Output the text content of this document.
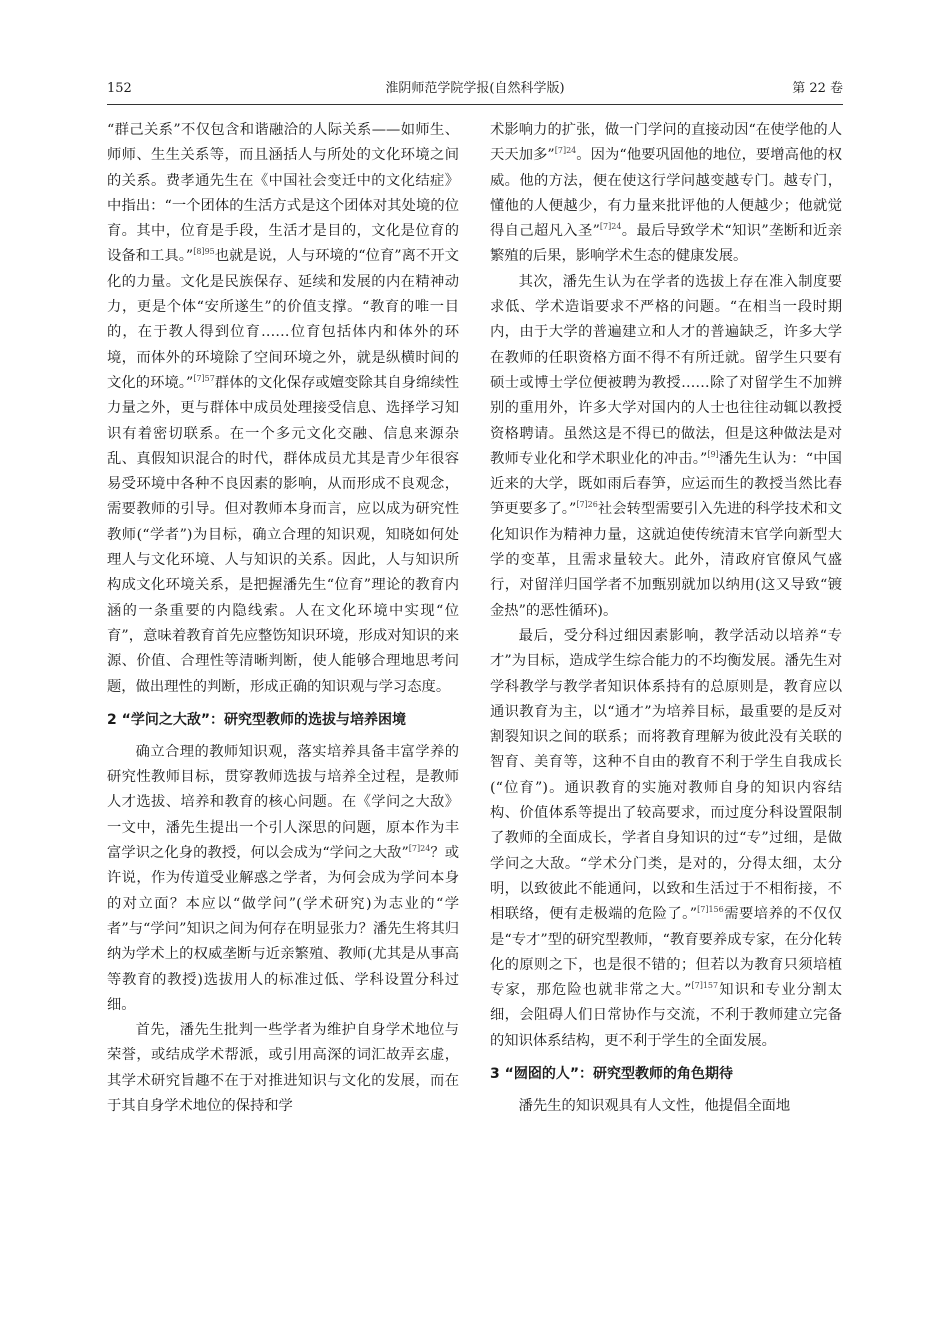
152	淮阴师范学院学报(自然科学版)	第 22 卷

“群己关系”不仅包含和谐融洽的人际关系——如师生、师师、生生关系等，而且涵括人与所处的文化环境之间的关系。费孝通先生在《中国社会变迁中的文化结症》中指出：“一个团体的生活方式是这个团体对其处境的位育。其中，位育是手段，生活才是目的，文化是位育的设备和工具。”$^{[8]95}$也就是说，人与环境的“位育”离不开文化的力量。文化是民族保存、延续和发展的内在精神动力，更是个体“安所遂生”的价值支撑。“教育的唯一目的，在于教人得到位育……位育包括体内和体外的环境，而体外的环境除了空间环境之外，就是纵横时间的文化的环境。”$^{[7]57}$群体的文化保存或嬗变除其自身绵续性力量之外，更与群体中成员处理接受信息、选择学习知识有着密切联系。在一个多元文化交融、信息来源杂乱、真假知识混合的时代，群体成员尤其是青少年很容易受环境中各种不良因素的影响，从而形成不良观念，需要教师的引导。但对教师本身而言，应以成为研究性教师(“学者”)为目标，确立合理的知识观，知晓如何处理人与文化环境、人与知识的关系。因此，人与知识所构成文化环境关系，是把握潘先生“位育”理论的教育内涵的一条重要的内隐线索。人在文化环境中实现“位育”，意味着教育首先应整饬知识环境，形成对知识的来源、价值、合理性等清晰判断，使人能够合理地思考问题，做出理性的判断，形成正确的知识观与学习态度。

2 “学问之大敌”：研究型教师的选拔与培养困境

确立合理的教师知识观，落实培养具备丰富学养的研究性教师目标，贯穿教师选拔与培养全过程，是教师人才选拔、培养和教育的核心问题。在《学问之大敌》一文中，潘先生提出一个引人深思的问题，原本作为丰富学识之化身的教授，何以会成为“学问之大敌”$^{[7]24}$？或许说，作为传道受业解惑之学者，为何会成为学问本身的对立面？本应以“做学问”(学术研究)为志业的“学者”与“学问”知识之间为何存在明显张力？潘先生将其归纳为学术上的权威垄断与近亲繁殖、教师(尤其是从事高等教育的教授)选拔用人的标准过低、学科设置分科过细。

首先，潘先生批判一些学者为维护自身学术地位与荣誉，或结成学术帮派，或引用高深的词汇故弄玄虚，其学术研究旨趣不在于对推进知识与文化的发展，而在于其自身学术地位的保持和学

术影响力的扩张，做一门学问的直接动因“在使学他的人天天加多”$^{[7]24}$。因为“他要巩固他的地位，要增高他的权威。他的方法，便在使这行学问越变越专门。越专门，懂他的人便越少，有力量来批评他的人便越少；他就觉得自己超凡入圣”$^{[7]24}$。最后导致学术“知识”垄断和近亲繁殖的后果，影响学术生态的健康发展。

其次，潘先生认为在学者的选拔上存在准入制度要求低、学术造诣要求不严格的问题。“在相当一段时期内，由于大学的普遍建立和人才的普遍缺乏，许多大学在教师的任职资格方面不得不有所迁就。留学生只要有硕士或博士学位便被聘为教授……除了对留学生不加辨别的重用外，许多大学对国内的人士也往往动辄以教授资格聘请。虽然这是不得已的做法，但是这种做法是对教师专业化和学术职业化的冲击。”[9]潘先生认为：“中国近来的大学，既如雨后春笋，应运而生的教授当然比春笋更要多了。”$^{[7]26}$社会转型需要引入先进的科学技术和文化知识作为精神力量，这就迫使传统清末官学向新型大学的变革，且需求量较大。此外，清政府官僚风气盛行，对留洋归国学者不加甄别就加以纳用(这又导致“镀金热”的恶性循环)。

最后，受分科过细因素影响，教学活动以培养“专才”为目标，造成学生综合能力的不均衡发展。潘先生对学科教学与教学者知识体系持有的总原则是，教育应以通识教育为主，以“通才”为培养目标，最重要的是反对割裂知识之间的联系；而将教育理解为彼此没有关联的智育、美育等，这种不自由的教育不利于学生自我成长(“位育”)。通识教育的实施对教师自身的知识内容结构、价值体系等提出了较高要求，而过度分科设置限制了教师的全面成长，学者自身知识的过“专”过细，是做学问之大敌。“学术分门类，是对的，分得太细，太分明，以致彼此不能通问，以致和生活过于不相衔接，不相联络，便有走极端的危险了。”$^{[7]156}$需要培养的不仅仅是“专才”型的研究型教师，“教育要养成专家，在分化转化的原则之下，也是很不错的；但若以为教育只须培植专家，那危险也就非常之大。”$^{[7]157}$知识和专业分割太细，会阻碍人们日常协作与交流，不利于教师建立完备的知识体系结构，更不利于学生的全面发展。

3 “囫囵的人”：研究型教师的角色期待

潘先生的知识观具有人文性，他提倡全面地
